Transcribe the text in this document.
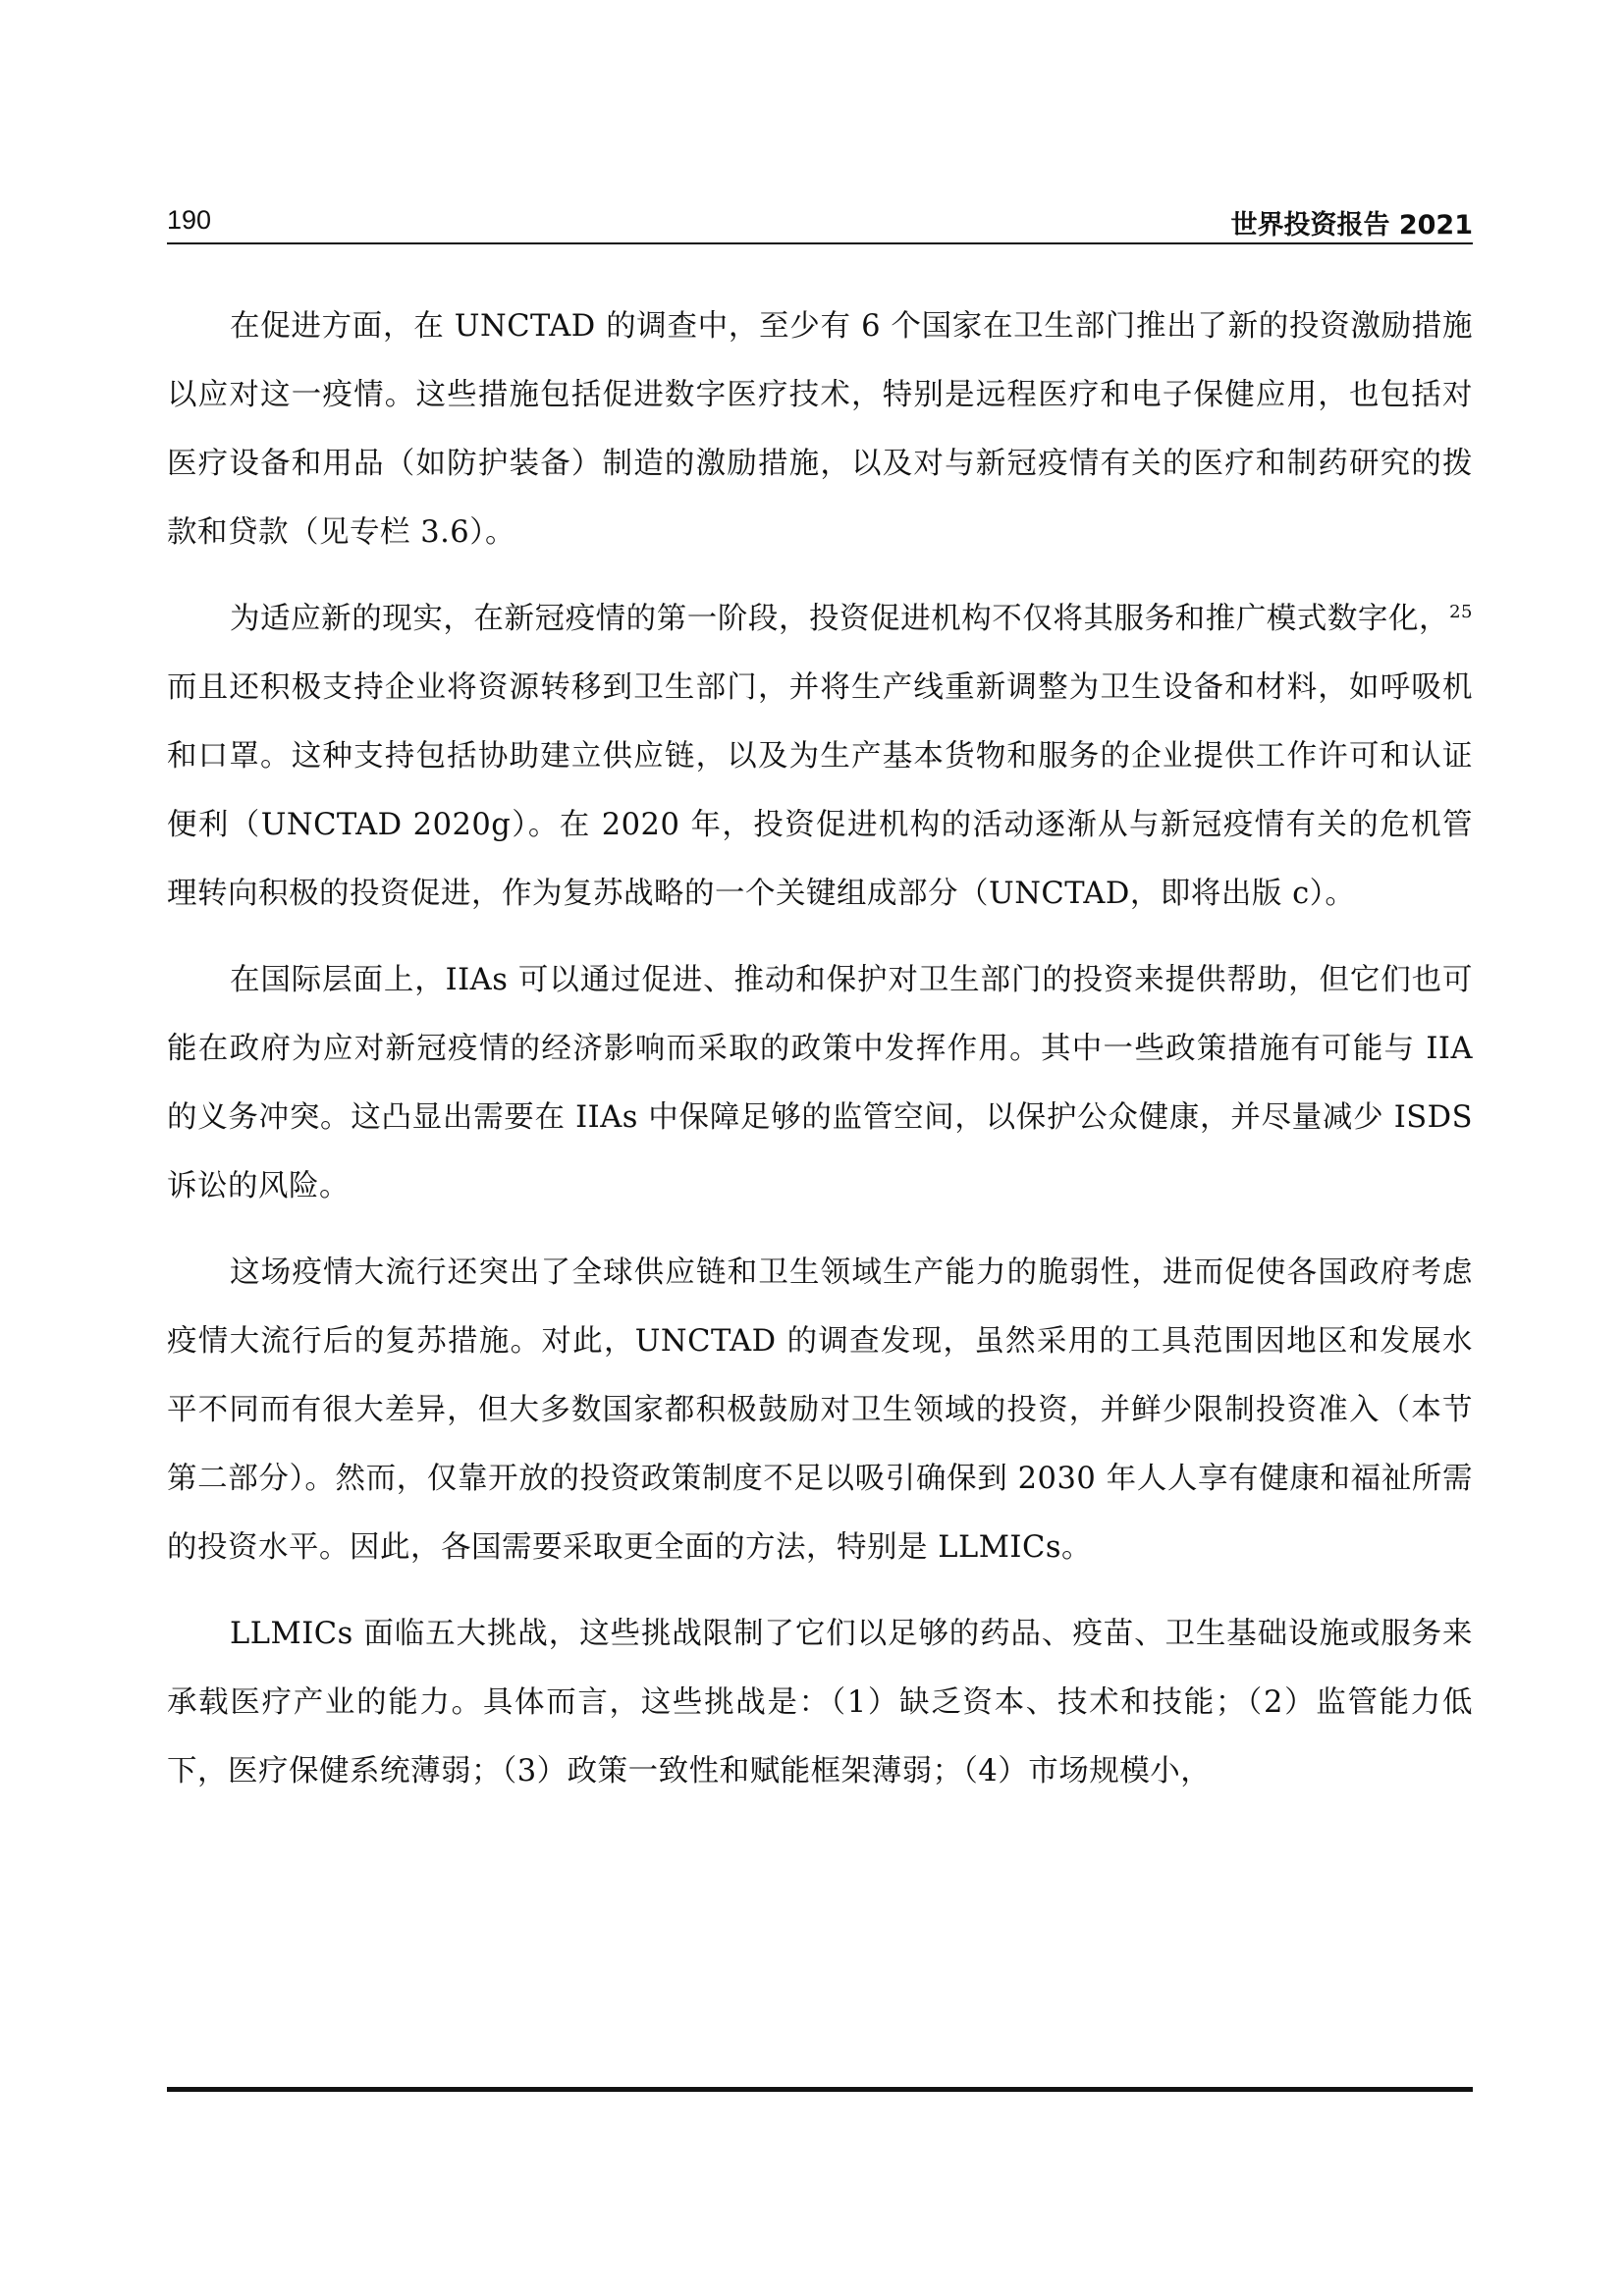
190	世界投资报告 2021

在促进方面，在 UNCTAD 的调查中，至少有 6 个国家在卫生部门推出了新的投资激励措施以应对这一疫情。这些措施包括促进数字医疗技术，特别是远程医疗和电子保健应用，也包括对医疗设备和用品（如防护装备）制造的激励措施，以及对与新冠疫情有关的医疗和制药研究的拨款和贷款（见专栏 3.6）。

为适应新的现实，在新冠疫情的第一阶段，投资促进机构不仅将其服务和推广模式数字化，$^{25}$而且还积极支持企业将资源转移到卫生部门，并将生产线重新调整为卫生设备和材料，如呼吸机和口罩。这种支持包括协助建立供应链，以及为生产基本货物和服务的企业提供工作许可和认证便利（UNCTAD 2020g）。在 2020 年，投资促进机构的活动逐渐从与新冠疫情有关的危机管理转向积极的投资促进，作为复苏战略的一个关键组成部分（UNCTAD，即将出版 c）。

在国际层面上，IIAs 可以通过促进、推动和保护对卫生部门的投资来提供帮助，但它们也可能在政府为应对新冠疫情的经济影响而采取的政策中发挥作用。其中一些政策措施有可能与 IIA 的义务冲突。这凸显出需要在 IIAs 中保障足够的监管空间，以保护公众健康，并尽量减少 ISDS 诉讼的风险。

这场疫情大流行还突出了全球供应链和卫生领域生产能力的脆弱性，进而促使各国政府考虑疫情大流行后的复苏措施。对此，UNCTAD 的调查发现，虽然采用的工具范围因地区和发展水平不同而有很大差异，但大多数国家都积极鼓励对卫生领域的投资，并鲜少限制投资准入（本节第二部分）。然而，仅靠开放的投资政策制度不足以吸引确保到 2030 年人人享有健康和福祉所需的投资水平。因此，各国需要采取更全面的方法，特别是 LLMICs。

LLMICs 面临五大挑战，这些挑战限制了它们以足够的药品、疫苗、卫生基础设施或服务来承载医疗产业的能力。具体而言，这些挑战是：（1）缺乏资本、技术和技能；（2）监管能力低下，医疗保健系统薄弱；（3）政策一致性和赋能框架薄弱；（4）市场规模小，
